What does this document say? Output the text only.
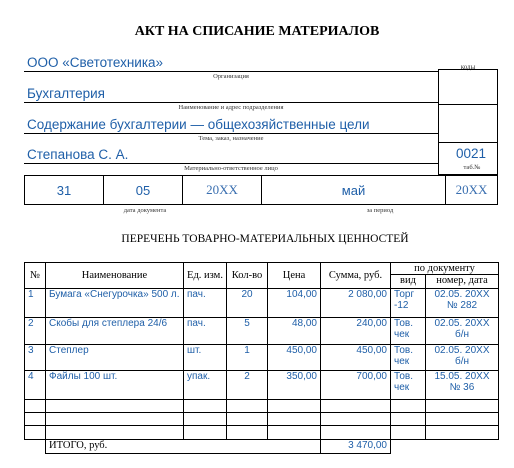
АКТ НА СПИСАНИЕ МАТЕРИАЛОВ
коды
0021
таб.№
ООО «Светотехника»
Организация
Бухгалтерия
Наименование и адрес подразделения
Содержание бухгалтерии — общехозяйственные цели
Тема, заказ, назначение
Степанова С. А.
Материально-ответственное лицо
31	05	20XX	май	20XX
дата документа	за период
ПЕРЕЧЕНЬ ТОВАРНО-МАТЕРИАЛЬНЫХ ЦЕННОСТЕЙ
№	Наименование	Ед. изм.	Кол-во	Цена	Сумма, руб.	по документу	
						вид	номер, дата
1	Бумага «Снегурочка» 500 л.	пач.	20	104,00	2 080,00	Торг -12	02.05. 20XX № 282
2	Скобы для степлера 24/6	пач.	5	48,00	240,00	Тов. чек	02.05. 20XX б/н
3	Степлер	шт.	1	450,00	450,00	Тов. чек	02.05. 20XX б/н
4	Файлы 100 шт.	упак.	2	350,00	700,00	Тов. чек	15.05. 20XX № 36

	ИТОГО, руб.				3 470,00		
